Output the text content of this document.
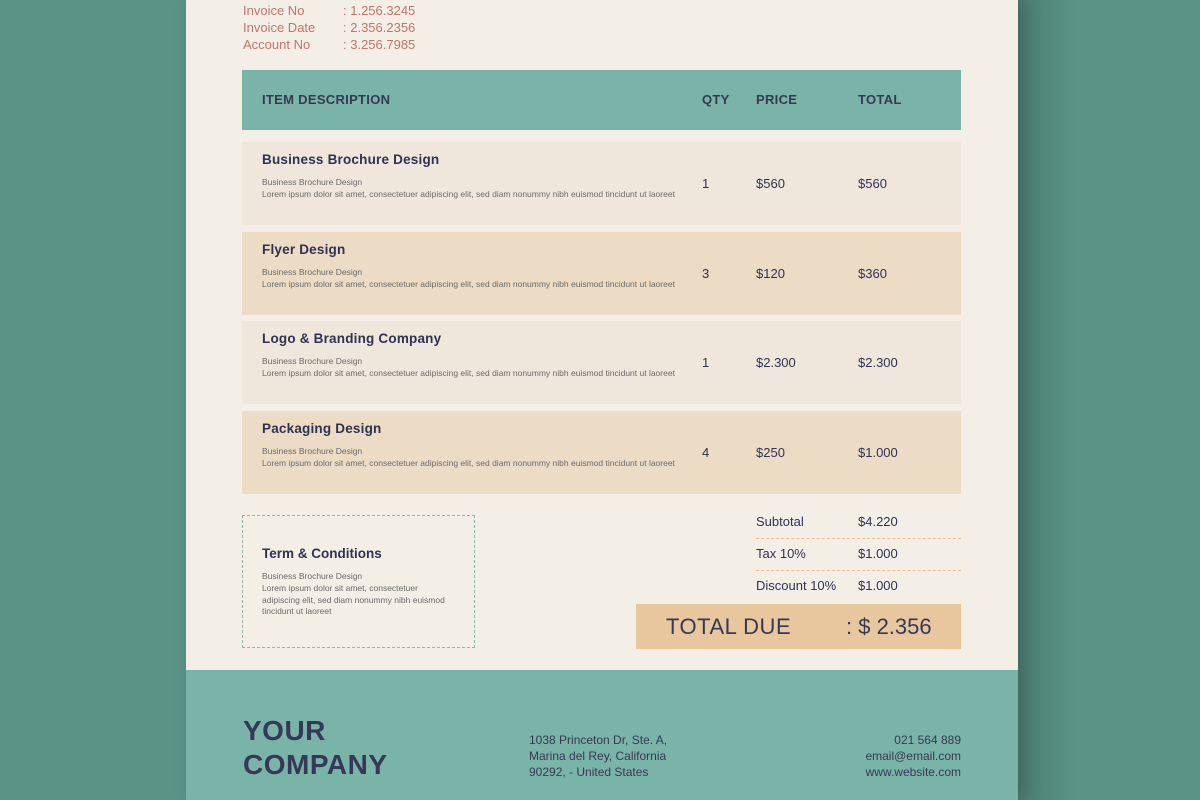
Invoice No	: 1.256.3245
Invoice Date : 2.356.2356
Account No	: 3.256.7985
ITEM DESCRIPTION	QTY PRICE	TOTAL
Business Brochure Design
Business Brochure Design
Lorem ipsum dolor sit amet, consectetuer adipiscing elit, sed diam nonummy nibh euismod tincidunt ut laoreet
1	$560	$560
Flyer Design
Business Brochure Design
Lorem ipsum dolor sit amet, consectetuer adipiscing elit, sed diam nonummy nibh euismod tincidunt ut laoreet
3	$120	$360
Logo & Branding Company
Business Brochure Design
Lorem ipsum dolor sit amet, consectetuer adipiscing elit, sed diam nonummy nibh euismod tincidunt ut laoreet
1	$2.300	$2.300
Packaging Design
Business Brochure Design
Lorem ipsum dolor sit amet, consectetuer adipiscing elit, sed diam nonummy nibh euismod tincidunt ut laoreet
4	$250	$1.000
Term & Conditions
Business Brochure Design
Lorem ipsum dolor sit amet, consectetuer adipiscing elit, sed diam nonummy nibh euismod tincidunt ut laoreet
Subtotal	$4.220
Tax 10%	$1.000
Discount 10% $1.000
TOTAL DUE : $ 2.356
YOUR
COMPANY
1038 Princeton Dr, Ste. A,
Marina del Rey, California
90292, - United States
021 564 889
email@email.com
www.website.com
